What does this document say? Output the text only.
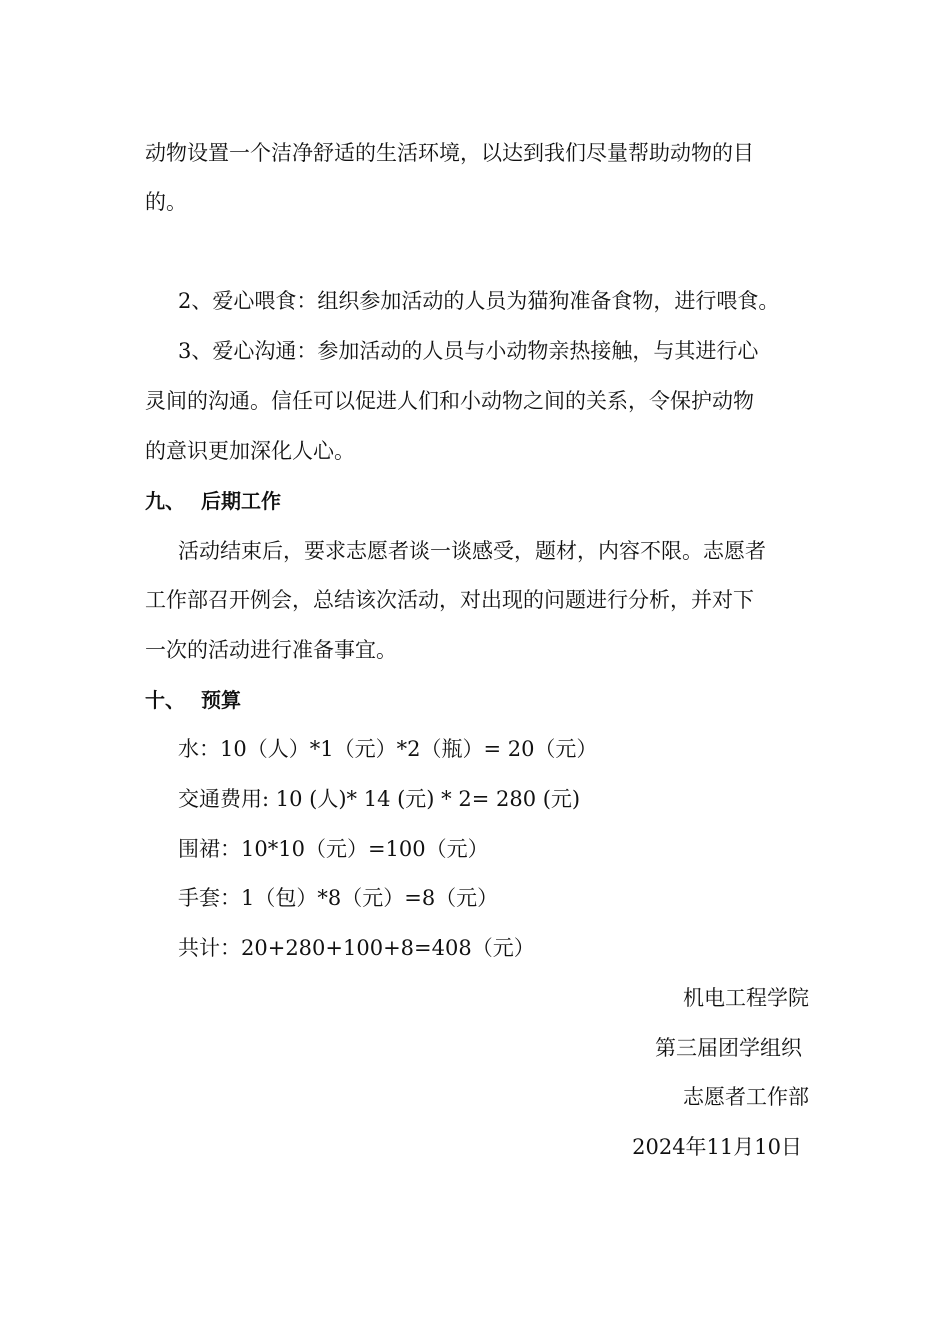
动物设置一个洁净舒适的生活环境，以达到我们尽量帮助动物的目
的。
2、爱心喂食：组织参加活动的人员为猫狗准备食物，进行喂食。
3、爱心沟通：参加活动的人员与小动物亲热接触，与其进行心
灵间的沟通。信任可以促进人们和小动物之间的关系，令保护动物
的意识更加深化人心。
九、 后期工作
活动结束后，要求志愿者谈一谈感受，题材，内容不限。志愿者
工作部召开例会，总结该次活动，对出现的问题进行分析，并对下
一次的活动进行准备事宜。
十、 预算
水：10（人）*1（元）*2（瓶）= 20（元）
交通费用: 10 (人)* 14 (元) * 2= 280 (元)
围裙：10*10（元）=100（元）
手套：1（包）*8（元）=8（元）
共计：20+280+100+8=408（元）
机电工程学院
第三届团学组织
志愿者工作部
2024年11月10日
